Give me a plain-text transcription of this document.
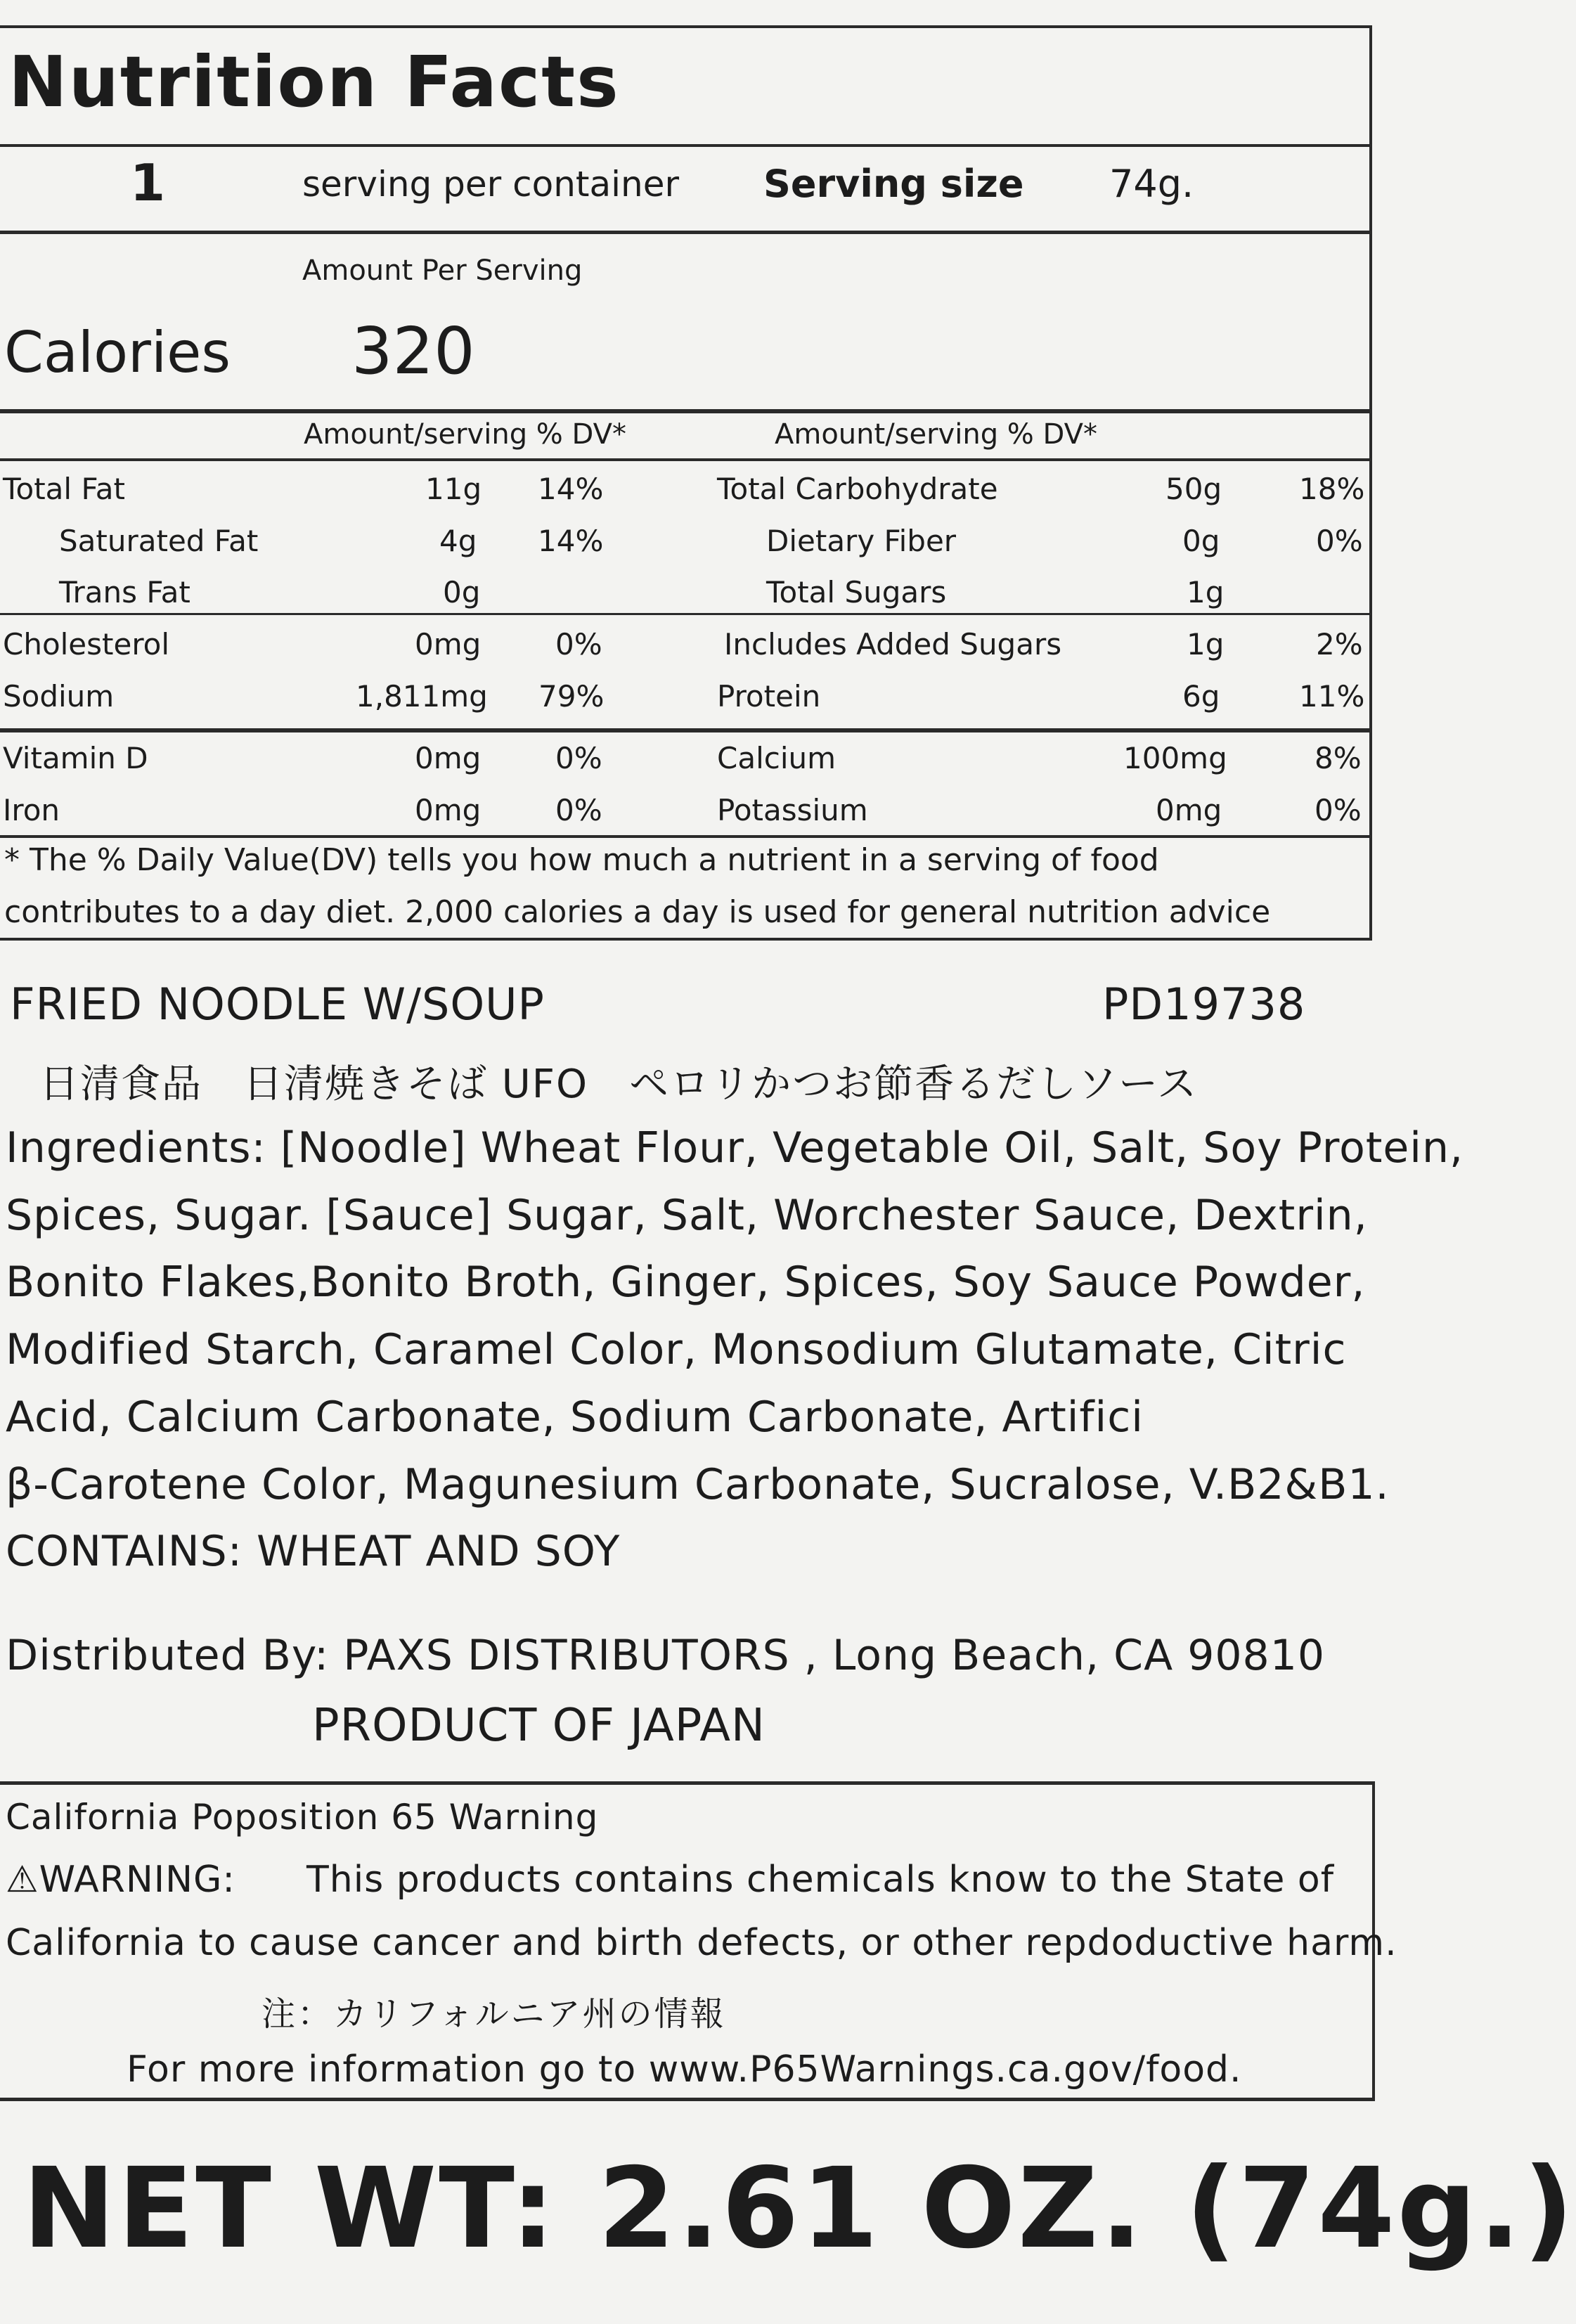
Nutrition Facts
1	serving per container Serving size 74g.
Amount Per Serving
Calories 320
Amount/serving % DV*	Amount/serving % DV*
Total Fat	11g 14%	Total Carbohydrate	50g	18%
Saturated Fat	4g 14%	Dietary Fiber	0g	0%
Trans Fat	0g	Total Sugars	1g
Cholesterol	0mg	0%	Includes Added Sugars	1g	2%
Sodium	1,811mg 79%	Protein	6g	11%
Vitamin D	0mg	0%	Calcium	100mg	8%
Iron	0mg	0%	Potassium	0mg	0%
* The % Daily Value(DV) tells you how much a nutrient in a serving of food
contributes to a day diet. 2,000 calories a day is used for general nutrition advice
FRIED NOODLE W/SOUP	PD19738
日清食品　日清焼きそば UFO　ペロリかつお節香るだしソース
Ingredients: [Noodle] Wheat Flour, Vegetable Oil, Salt, Soy Protein,
Spices, Sugar. [Sauce] Sugar, Salt, Worchester Sauce, Dextrin,
Bonito Flakes,Bonito Broth, Ginger, Spices, Soy Sauce Powder,
Modified Starch, Caramel Color, Monsodium Glutamate, Citric
Acid, Calcium Carbonate, Sodium Carbonate, Artifici
β-Carotene Color, Magunesium Carbonate, Sucralose, V.B2&B1.
CONTAINS: WHEAT AND SOY
Distributed By: PAXS DISTRIBUTORS , Long Beach, CA 90810
PRODUCT OF JAPAN
California Poposition 65 Warning
⚠WARNING: This products contains chemicals know to the State of
California to cause cancer and birth defects, or other repdoductive harm.
注：カリフォルニア州の情報
For more information go to www.P65Warnings.ca.gov/food.
NET WT: 2.61 OZ. (74g.)
